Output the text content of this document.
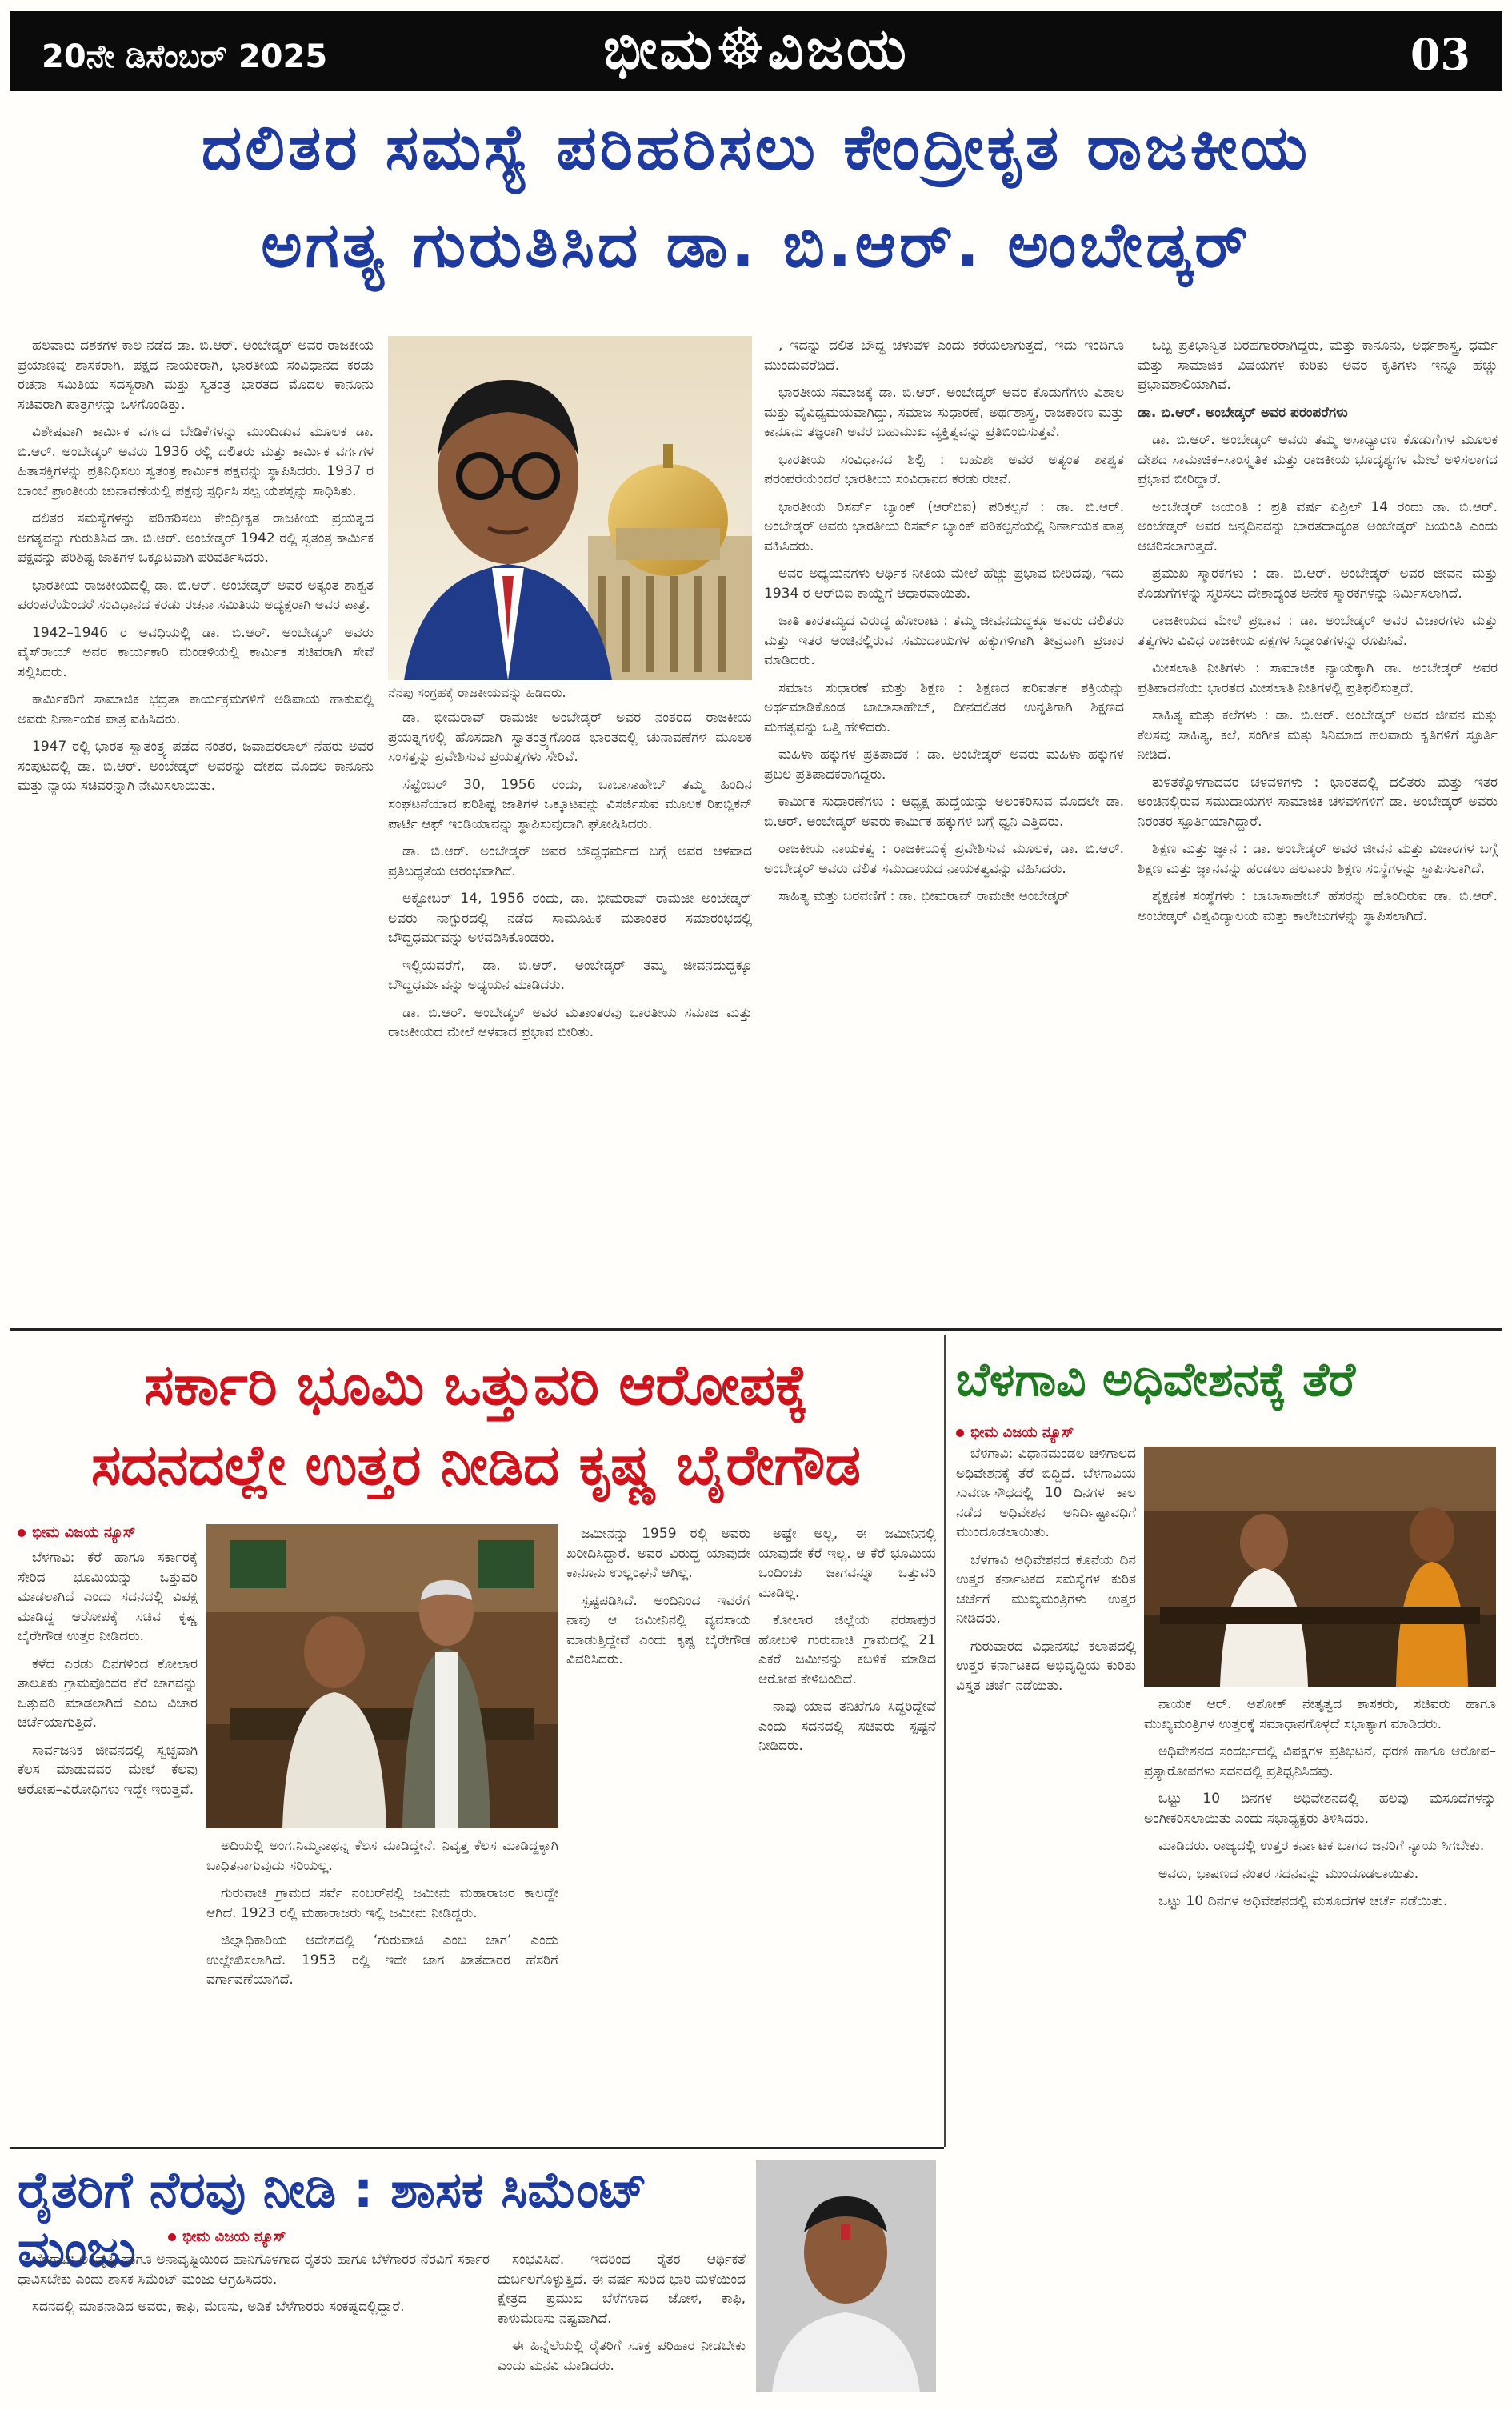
20ನೇ ಡಿಸೆಂಬರ್ 2025	ಭೀಮ☸ವಿಜಯ	03
ದಲಿತರ ಸಮಸ್ಯೆ ಪರಿಹರಿಸಲು ಕೇಂದ್ರೀಕೃತ ರಾಜಕೀಯ
ಅಗತ್ಯ ಗುರುತಿಸಿದ ಡಾ. ಬಿ.ಆರ್. ಅಂಬೇಡ್ಕರ್

ಹಲವಾರು ದಶಕಗಳ ಕಾಲ ನಡೆದ ಡಾ. ಬಿ.ಆರ್. ಅಂಬೇಡ್ಕರ್ ಅವರ ರಾಜಕೀಯ ಪ್ರಯಾಣವು ಶಾಸಕರಾಗಿ, ಪಕ್ಷದ ನಾಯಕರಾಗಿ, ಭಾರತೀಯ ಸಂವಿಧಾನದ ಕರಡು ರಚನಾ ಸಮಿತಿಯ ಸದಸ್ಯರಾಗಿ ಮತ್ತು ಸ್ವತಂತ್ರ ಭಾರತದ ಮೊದಲ ಕಾನೂನು ಸಚಿವರಾಗಿ ಪಾತ್ರಗಳನ್ನು ಒಳಗೊಂಡಿತ್ತು.

ವಿಶೇಷವಾಗಿ ಕಾರ್ಮಿಕ ವರ್ಗದ ಬೇಡಿಕೆಗಳನ್ನು ಮುಂದಿಡುವ ಮೂಲಕ ಡಾ. ಬಿ.ಆರ್. ಅಂಬೇಡ್ಕರ್ ಅವರು 1936 ರಲ್ಲಿ ದಲಿತರು ಮತ್ತು ಕಾರ್ಮಿಕ ವರ್ಗಗಳ ಹಿತಾಸಕ್ತಿಗಳನ್ನು ಪ್ರತಿನಿಧಿಸಲು ಸ್ವತಂತ್ರ ಕಾರ್ಮಿಕ ಪಕ್ಷವನ್ನು ಸ್ಥಾಪಿಸಿದರು. 1937 ರ ಬಾಂಬೆ ಪ್ರಾಂತೀಯ ಚುನಾವಣೆಯಲ್ಲಿ ಪಕ್ಷವು ಸ್ಪರ್ಧಿಸಿ ಸಲ್ಪ ಯಶಸ್ಸನ್ನು ಸಾಧಿಸಿತು.

ದಲಿತರ ಸಮಸ್ಯೆಗಳನ್ನು ಪರಿಹರಿಸಲು ಕೇಂದ್ರೀಕೃತ ರಾಜಕೀಯ ಪ್ರಯತ್ನದ ಅಗತ್ಯವನ್ನು ಗುರುತಿಸಿದ ಡಾ. ಬಿ.ಆರ್. ಅಂಬೇಡ್ಕರ್ 1942 ರಲ್ಲಿ ಸ್ವತಂತ್ರ ಕಾರ್ಮಿಕ ಪಕ್ಷವನ್ನು ಪರಿಶಿಷ್ಟ ಜಾತಿಗಳ ಒಕ್ಕೂಟವಾಗಿ ಪರಿವರ್ತಿಸಿದರು.

ಭಾರತೀಯ ರಾಜಕೀಯದಲ್ಲಿ ಡಾ. ಬಿ.ಆರ್. ಅಂಬೇಡ್ಕರ್ ಅವರ ಅತ್ಯಂತ ಶಾಶ್ವತ ಪರಂಪರೆಯೆಂದರೆ ಸಂವಿಧಾನದ ಕರಡು ರಚನಾ ಸಮಿತಿಯ ಅಧ್ಯಕ್ಷರಾಗಿ ಅವರ ಪಾತ್ರ.

1942–1946 ರ ಅವಧಿಯಲ್ಲಿ ಡಾ. ಬಿ.ಆರ್. ಅಂಬೇಡ್ಕರ್ ಅವರು ವೈಸ್‌ರಾಯ್ ಅವರ ಕಾರ್ಯಕಾರಿ ಮಂಡಳಿಯಲ್ಲಿ ಕಾರ್ಮಿಕ ಸಚಿವರಾಗಿ ಸೇವೆ ಸಲ್ಲಿಸಿದರು.

ಕಾರ್ಮಿಕರಿಗೆ ಸಾಮಾಜಿಕ ಭದ್ರತಾ ಕಾರ್ಯಕ್ರಮಗಳಿಗೆ ಅಡಿಪಾಯ ಹಾಕುವಲ್ಲಿ ಅವರು ನಿರ್ಣಾಯಕ ಪಾತ್ರ ವಹಿಸಿದರು.

1947 ರಲ್ಲಿ ಭಾರತ ಸ್ವಾತಂತ್ರ್ಯ ಪಡೆದ ನಂತರ, ಜವಾಹರಲಾಲ್ ನೆಹರು ಅವರ ಸಂಪುಟದಲ್ಲಿ ಡಾ. ಬಿ.ಆರ್. ಅಂಬೇಡ್ಕರ್ ಅವರನ್ನು ದೇಶದ ಮೊದಲ ಕಾನೂನು ಮತ್ತು ನ್ಯಾಯ ಸಚಿವರನ್ನಾಗಿ ನೇಮಿಸಲಾಯಿತು.

ನೆನಪು ಸಂಗ್ರಹಕ್ಕೆ ರಾಜಕೀಯವನ್ನು ಹಿಡಿದರು.

ಡಾ. ಭೀಮರಾವ್ ರಾಮಜೀ ಅಂಬೇಡ್ಕರ್ ಅವರ ನಂತರದ ರಾಜಕೀಯ ಪ್ರಯತ್ನಗಳಲ್ಲಿ ಹೊಸದಾಗಿ ಸ್ವಾತಂತ್ರ್ಯಗೊಂಡ ಭಾರತದಲ್ಲಿ ಚುನಾವಣೆಗಳ ಮೂಲಕ ಸಂಸತ್ತನ್ನು ಪ್ರವೇಶಿಸುವ ಪ್ರಯತ್ನಗಳು ಸೇರಿವೆ.

ಸೆಪ್ಟೆಂಬರ್ 30, 1956 ರಂದು, ಬಾಬಾಸಾಹೇಬ್ ತಮ್ಮ ಹಿಂದಿನ ಸಂಘಟನೆಯಾದ ಪರಿಶಿಷ್ಟ ಜಾತಿಗಳ ಒಕ್ಕೂಟವನ್ನು ವಿಸರ್ಜಿಸುವ ಮೂಲಕ ರಿಪಬ್ಲಿಕನ್ ಪಾರ್ಟಿ ಆಫ್ ಇಂಡಿಯಾವನ್ನು ಸ್ಥಾಪಿಸುವುದಾಗಿ ಘೋಷಿಸಿದರು.

ಡಾ. ಬಿ.ಆರ್. ಅಂಬೇಡ್ಕರ್ ಅವರ ಬೌದ್ಧಧರ್ಮದ ಬಗ್ಗೆ ಅವರ ಆಳವಾದ ಪ್ರತಿಬದ್ಧತೆಯ ಆರಂಭವಾಗಿದೆ.

ಅಕ್ಟೋಬರ್ 14, 1956 ರಂದು, ಡಾ. ಭೀಮರಾವ್ ರಾಮಜೀ ಅಂಬೇಡ್ಕರ್ ಅವರು ನಾಗ್ಪುರದಲ್ಲಿ ನಡೆದ ಸಾಮೂಹಿಕ ಮತಾಂತರ ಸಮಾರಂಭದಲ್ಲಿ ಬೌದ್ಧಧರ್ಮವನ್ನು ಅಳವಡಿಸಿಕೊಂಡರು.

ಇಲ್ಲಿಯವರೆಗೆ, ಡಾ. ಬಿ.ಆರ್. ಅಂಬೇಡ್ಕರ್ ತಮ್ಮ ಜೀವನದುದ್ದಕ್ಕೂ ಬೌದ್ಧಧರ್ಮವನ್ನು ಅಧ್ಯಯನ ಮಾಡಿದರು.

ಡಾ. ಬಿ.ಆರ್. ಅಂಬೇಡ್ಕರ್ ಅವರ ಮತಾಂತರವು ಭಾರತೀಯ ಸಮಾಜ ಮತ್ತು ರಾಜಕೀಯದ ಮೇಲೆ ಆಳವಾದ ಪ್ರಭಾವ ಬೀರಿತು.

, ಇದನ್ನು ದಲಿತ ಬೌದ್ಧ ಚಳುವಳಿ ಎಂದು ಕರೆಯಲಾಗುತ್ತದೆ, ಇದು ಇಂದಿಗೂ ಮುಂದುವರೆದಿದೆ.

ಭಾರತೀಯ ಸಮಾಜಕ್ಕೆ ಡಾ. ಬಿ.ಆರ್. ಅಂಬೇಡ್ಕರ್ ಅವರ ಕೊಡುಗೆಗಳು ವಿಶಾಲ ಮತ್ತು ವೈವಿಧ್ಯಮಯವಾಗಿದ್ದು, ಸಮಾಜ ಸುಧಾರಣೆ, ಅರ್ಥಶಾಸ್ತ್ರ, ರಾಜಕಾರಣ ಮತ್ತು ಕಾನೂನು ತಜ್ಞರಾಗಿ ಅವರ ಬಹುಮುಖ ವ್ಯಕ್ತಿತ್ವವನ್ನು ಪ್ರತಿಬಿಂಬಿಸುತ್ತವೆ.

ಭಾರತೀಯ ಸಂವಿಧಾನದ ಶಿಲ್ಪಿ : ಬಹುಶಃ ಅವರ ಅತ್ಯಂತ ಶಾಶ್ವತ ಪರಂಪರೆಯೆಂದರೆ ಭಾರತೀಯ ಸಂವಿಧಾನದ ಕರಡು ರಚನೆ.

ಭಾರತೀಯ ರಿಸರ್ವ್ ಬ್ಯಾಂಕ್ (ಆರ್‌ಬಿಐ) ಪರಿಕಲ್ಪನೆ : ಡಾ. ಬಿ.ಆರ್. ಅಂಬೇಡ್ಕರ್ ಅವರು ಭಾರತೀಯ ರಿಸರ್ವ್ ಬ್ಯಾಂಕ್ ಪರಿಕಲ್ಪನೆಯಲ್ಲಿ ನಿರ್ಣಾಯಕ ಪಾತ್ರ ವಹಿಸಿದರು.

ಅವರ ಅಧ್ಯಯನಗಳು ಆರ್ಥಿಕ ನೀತಿಯ ಮೇಲೆ ಹೆಚ್ಚು ಪ್ರಭಾವ ಬೀರಿದವು, ಇದು 1934 ರ ಆರ್‌ಬಿಐ ಕಾಯ್ದೆಗೆ ಆಧಾರವಾಯಿತು.

ಜಾತಿ ತಾರತಮ್ಯದ ವಿರುದ್ಧ ಹೋರಾಟ : ತಮ್ಮ ಜೀವನದುದ್ದಕ್ಕೂ ಅವರು ದಲಿತರು ಮತ್ತು ಇತರ ಅಂಚಿನಲ್ಲಿರುವ ಸಮುದಾಯಗಳ ಹಕ್ಕುಗಳಿಗಾಗಿ ತೀವ್ರವಾಗಿ ಪ್ರಚಾರ ಮಾಡಿದರು.

ಸಮಾಜ ಸುಧಾರಣೆ ಮತ್ತು ಶಿಕ್ಷಣ : ಶಿಕ್ಷಣದ ಪರಿವರ್ತಕ ಶಕ್ತಿಯನ್ನು ಅರ್ಥಮಾಡಿಕೊಂಡ ಬಾಬಾಸಾಹೇಬ್, ದೀನದಲಿತರ ಉನ್ನತಿಗಾಗಿ ಶಿಕ್ಷಣದ ಮಹತ್ವವನ್ನು ಒತ್ತಿ ಹೇಳಿದರು.

ಮಹಿಳಾ ಹಕ್ಕುಗಳ ಪ್ರತಿಪಾದಕ : ಡಾ. ಅಂಬೇಡ್ಕರ್ ಅವರು ಮಹಿಳಾ ಹಕ್ಕುಗಳ ಪ್ರಬಲ ಪ್ರತಿಪಾದಕರಾಗಿದ್ದರು.

ಕಾರ್ಮಿಕ ಸುಧಾರಣೆಗಳು : ಆಧ್ಯಕ್ಷ ಹುದ್ದೆಯನ್ನು ಅಲಂಕರಿಸುವ ಮೊದಲೇ ಡಾ. ಬಿ.ಆರ್. ಅಂಬೇಡ್ಕರ್ ಅವರು ಕಾರ್ಮಿಕ ಹಕ್ಕುಗಳ ಬಗ್ಗೆ ಧ್ವನಿ ಎತ್ತಿದರು.

ರಾಜಕೀಯ ನಾಯಕತ್ವ : ರಾಜಕೀಯಕ್ಕೆ ಪ್ರವೇಶಿಸುವ ಮೂಲಕ, ಡಾ. ಬಿ.ಆರ್. ಅಂಬೇಡ್ಕರ್ ಅವರು ದಲಿತ ಸಮುದಾಯದ ನಾಯಕತ್ವವನ್ನು ವಹಿಸಿದರು.

ಸಾಹಿತ್ಯ ಮತ್ತು ಬರವಣಿಗೆ : ಡಾ. ಭೀಮರಾವ್ ರಾಮಜೀ ಅಂಬೇಡ್ಕರ್

ಒಬ್ಬ ಪ್ರತಿಭಾನ್ವಿತ ಬರಹಗಾರರಾಗಿದ್ದರು, ಮತ್ತು ಕಾನೂನು, ಅರ್ಥಶಾಸ್ತ್ರ, ಧರ್ಮ ಮತ್ತು ಸಾಮಾಜಿಕ ವಿಷಯಗಳ ಕುರಿತು ಅವರ ಕೃತಿಗಳು ಇನ್ನೂ ಹೆಚ್ಚು ಪ್ರಭಾವಶಾಲಿಯಾಗಿವೆ.

ಡಾ. ಬಿ.ಆರ್. ಅಂಬೇಡ್ಕರ್ ಅವರ ಪರಂಪರೆಗಳು

ಡಾ. ಬಿ.ಆರ್. ಅಂಬೇಡ್ಕರ್ ಅವರು ತಮ್ಮ ಅಸಾಧ್ಯಾರಣ ಕೊಡುಗೆಗಳ ಮೂಲಕ ದೇಶದ ಸಾಮಾಜಿಕ–ಸಾಂಸ್ಕೃತಿಕ ಮತ್ತು ರಾಜಕೀಯ ಭೂದೃಶ್ಯಗಳ ಮೇಲೆ ಅಳಿಸಲಾಗದ ಪ್ರಭಾವ ಬೀರಿದ್ದಾರೆ.

ಅಂಬೇಡ್ಕರ್ ಜಯಂತಿ : ಪ್ರತಿ ವರ್ಷ ಏಪ್ರಿಲ್ 14 ರಂದು ಡಾ. ಬಿ.ಆರ್. ಅಂಬೇಡ್ಕರ್ ಅವರ ಜನ್ಮದಿನವನ್ನು ಭಾರತದಾದ್ಯಂತ ಅಂಬೇಡ್ಕರ್ ಜಯಂತಿ ಎಂದು ಆಚರಿಸಲಾಗುತ್ತದೆ.

ಪ್ರಮುಖ ಸ್ಮಾರಕಗಳು : ಡಾ. ಬಿ.ಆರ್. ಅಂಬೇಡ್ಕರ್ ಅವರ ಜೀವನ ಮತ್ತು ಕೊಡುಗೆಗಳನ್ನು ಸ್ಮರಿಸಲು ದೇಶಾದ್ಯಂತ ಅನೇಕ ಸ್ಮಾರಕಗಳನ್ನು ನಿರ್ಮಿಸಲಾಗಿದೆ.

ರಾಜಕೀಯದ ಮೇಲೆ ಪ್ರಭಾವ : ಡಾ. ಅಂಬೇಡ್ಕರ್ ಅವರ ವಿಚಾರಗಳು ಮತ್ತು ತತ್ವಗಳು ವಿವಿಧ ರಾಜಕೀಯ ಪಕ್ಷಗಳ ಸಿದ್ಧಾಂತಗಳನ್ನು ರೂಪಿಸಿವೆ.

ಮೀಸಲಾತಿ ನೀತಿಗಳು : ಸಾಮಾಜಿಕ ನ್ಯಾಯಕ್ಕಾಗಿ ಡಾ. ಅಂಬೇಡ್ಕರ್ ಅವರ ಪ್ರತಿಪಾದನೆಯು ಭಾರತದ ಮೀಸಲಾತಿ ನೀತಿಗಳಲ್ಲಿ ಪ್ರತಿಫಲಿಸುತ್ತದೆ.

ಸಾಹಿತ್ಯ ಮತ್ತು ಕಲೆಗಳು : ಡಾ. ಬಿ.ಆರ್. ಅಂಬೇಡ್ಕರ್ ಅವರ ಜೀವನ ಮತ್ತು ಕೆಲಸವು ಸಾಹಿತ್ಯ, ಕಲೆ, ಸಂಗೀತ ಮತ್ತು ಸಿನಿಮಾದ ಹಲವಾರು ಕೃತಿಗಳಿಗೆ ಸ್ಫೂರ್ತಿ ನೀಡಿದೆ.

ತುಳಿತಕ್ಕೊಳಗಾದವರ ಚಳವಳಿಗಳು : ಭಾರತದಲ್ಲಿ ದಲಿತರು ಮತ್ತು ಇತರ ಅಂಚಿನಲ್ಲಿರುವ ಸಮುದಾಯಗಳ ಸಾಮಾಜಿಕ ಚಳವಳಿಗಳಿಗೆ ಡಾ. ಅಂಬೇಡ್ಕರ್ ಅವರು ನಿರಂತರ ಸ್ಫೂರ್ತಿಯಾಗಿದ್ದಾರೆ.

ಶಿಕ್ಷಣ ಮತ್ತು ಜ್ಞಾನ : ಡಾ. ಅಂಬೇಡ್ಕರ್ ಅವರ ಜೀವನ ಮತ್ತು ವಿಚಾರಗಳ ಬಗ್ಗೆ ಶಿಕ್ಷಣ ಮತ್ತು ಜ್ಞಾನವನ್ನು ಹರಡಲು ಹಲವಾರು ಶಿಕ್ಷಣ ಸಂಸ್ಥೆಗಳನ್ನು ಸ್ಥಾಪಿಸಲಾಗಿದೆ.

ಶೈಕ್ಷಣಿಕ ಸಂಸ್ಥೆಗಳು : ಬಾಬಾಸಾಹೇಬ್ ಹೆಸರನ್ನು ಹೊಂದಿರುವ ಡಾ. ಬಿ.ಆರ್. ಅಂಬೇಡ್ಕರ್ ವಿಶ್ವವಿದ್ಯಾಲಯ ಮತ್ತು ಕಾಲೇಜುಗಳನ್ನು ಸ್ಥಾಪಿಸಲಾಗಿದೆ.

ಸರ್ಕಾರಿ ಭೂಮಿ ಒತ್ತುವರಿ ಆರೋಪಕ್ಕೆ
ಸದನದಲ್ಲೇ ಉತ್ತರ ನೀಡಿದ ಕೃಷ್ಣ ಬೈರೇಗೌಡ
ಭೀಮ ವಿಜಯ ನ್ಯೂಸ್

ಬೆಳಗಾವಿ: ಕೆರೆ ಹಾಗೂ ಸರ್ಕಾರಕ್ಕೆ ಸೇರಿದ ಭೂಮಿಯನ್ನು ಒತ್ತುವರಿ ಮಾಡಲಾಗಿದೆ ಎಂದು ಸದನದಲ್ಲಿ ವಿಪಕ್ಷ ಮಾಡಿದ್ದ ಆರೋಪಕ್ಕೆ ಸಚಿವ ಕೃಷ್ಣ ಬೈರೇಗೌಡ ಉತ್ತರ ನೀಡಿದರು.

ಕಳೆದ ಎರಡು ದಿನಗಳಿಂದ ಕೋಲಾರ ತಾಲೂಕು ಗ್ರಾಮವೊಂದರ ಕೆರೆ ಜಾಗವನ್ನು ಒತ್ತುವರಿ ಮಾಡಲಾಗಿದೆ ಎಂಬ ವಿಚಾರ ಚರ್ಚೆಯಾಗುತ್ತಿದೆ.

ಸಾರ್ವಜನಿಕ ಜೀವನದಲ್ಲಿ ಸ್ವಚ್ಛವಾಗಿ ಕೆಲಸ ಮಾಡುವವರ ಮೇಲೆ ಕೆಲವು ಆರೋಪ–ವಿರೋಧಿಗಳು ಇದ್ದೇ ಇರುತ್ತವೆ.

ಅದಿಯಲ್ಲಿ ಅಂಗ.ನಿಮ್ಮನಾಥನ್ನ ಕೆಲಸ ಮಾಡಿದ್ದೇನೆ. ನಿವೃತ್ತ ಕೆಲಸ ಮಾಡಿದ್ದಕ್ಕಾಗಿ ಬಾಧಿತನಾಗುವುದು ಸರಿಯಲ್ಲ.

ಗುರುವಾಚಿ ಗ್ರಾಮದ ಸರ್ವೆ ನಂಬರ್‌ನಲ್ಲಿ ಜಮೀನು ಮಹಾರಾಜರ ಕಾಲದ್ದೇ ಆಗಿದೆ. 1923 ರಲ್ಲಿ ಮಹಾರಾಜರು ಇಲ್ಲಿ ಜಮೀನು ನೀಡಿದ್ದರು.

ಜಿಲ್ಲಾಧಿಕಾರಿಯ ಆದೇಶದಲ್ಲಿ ‘ಗುರುವಾಚಿ ಎಂಬ ಜಾಗ’ ಎಂದು ಉಲ್ಲೇಖಿಸಲಾಗಿದೆ. 1953 ರಲ್ಲಿ ಇದೇ ಜಾಗ ಖಾತೆದಾರರ ಹೆಸರಿಗೆ ವರ್ಗಾವಣೆಯಾಗಿದೆ.

ಜಮೀನನ್ನು 1959 ರಲ್ಲಿ ಅವರು ಖರೀದಿಸಿದ್ದಾರೆ. ಅವರ ವಿರುದ್ಧ ಯಾವುದೇ ಕಾನೂನು ಉಲ್ಲಂಘನೆ ಆಗಿಲ್ಲ.

ಸ್ಪಷ್ಟಪಡಿಸಿದೆ. ಅಂದಿನಿಂದ ಇವರೆಗೆ ನಾವು ಆ ಜಮೀನಿನಲ್ಲಿ ವ್ಯವಸಾಯ ಮಾಡುತ್ತಿದ್ದೇವೆ ಎಂದು ಕೃಷ್ಣ ಬೈರೇಗೌಡ ವಿವರಿಸಿದರು.

ಅಷ್ಟೇ ಅಲ್ಲ, ಈ ಜಮೀನಿನಲ್ಲಿ ಯಾವುದೇ ಕೆರೆ ಇಲ್ಲ. ಆ ಕೆರೆ ಭೂಮಿಯ ಒಂದಿಂಚು ಜಾಗವನ್ನೂ ಒತ್ತುವರಿ ಮಾಡಿಲ್ಲ.

ಕೋಲಾರ ಜಿಲ್ಲೆಯ ನರಸಾಪುರ ಹೋಬಳಿ ಗುರುವಾಚಿ ಗ್ರಾಮದಲ್ಲಿ 21 ಎಕರೆ ಜಮೀನನ್ನು ಕಬಳಿಕೆ ಮಾಡಿದ ಆರೋಪ ಕೇಳಿಬಂದಿದೆ.

ನಾವು ಯಾವ ತನಿಖೆಗೂ ಸಿದ್ಧರಿದ್ದೇವೆ ಎಂದು ಸದನದಲ್ಲಿ ಸಚಿವರು ಸ್ಪಷ್ಟನೆ ನೀಡಿದರು.

ಬೆಳಗಾವಿ ಅಧಿವೇಶನಕ್ಕೆ ತೆರೆ
ಭೀಮ ವಿಜಯ ನ್ಯೂಸ್

ಬೆಳಗಾವಿ: ವಿಧಾನಮಂಡಲ ಚಳಿಗಾಲದ ಅಧಿವೇಶನಕ್ಕೆ ತೆರೆ ಬಿದ್ದಿದೆ. ಬೆಳಗಾವಿಯ ಸುವರ್ಣಸೌಧದಲ್ಲಿ 10 ದಿನಗಳ ಕಾಲ ನಡೆದ ಅಧಿವೇಶನ ಅನಿರ್ದಿಷ್ಟಾವಧಿಗೆ ಮುಂದೂಡಲಾಯಿತು.

ಬೆಳಗಾವಿ ಅಧಿವೇಶನದ ಕೊನೆಯ ದಿನ ಉತ್ತರ ಕರ್ನಾಟಕದ ಸಮಸ್ಯೆಗಳ ಕುರಿತ ಚರ್ಚೆಗೆ ಮುಖ್ಯಮಂತ್ರಿಗಳು ಉತ್ತರ ನೀಡಿದರು.

ಗುರುವಾರದ ವಿಧಾನಸಭೆ ಕಲಾಪದಲ್ಲಿ ಉತ್ತರ ಕರ್ನಾಟಕದ ಅಭಿವೃದ್ಧಿಯ ಕುರಿತು ವಿಸ್ತೃತ ಚರ್ಚೆ ನಡೆಯಿತು.

ನಾಯಕ ಆರ್. ಅಶೋಕ್ ನೇತೃತ್ವದ ಶಾಸಕರು, ಸಚಿವರು ಹಾಗೂ ಮುಖ್ಯಮಂತ್ರಿಗಳ ಉತ್ತರಕ್ಕೆ ಸಮಾಧಾನಗೊಳ್ಳದೆ ಸಭಾತ್ಯಾಗ ಮಾಡಿದರು.

ಅಧಿವೇಶನದ ಸಂದರ್ಭದಲ್ಲಿ ವಿಪಕ್ಷಗಳ ಪ್ರತಿಭಟನೆ, ಧರಣಿ ಹಾಗೂ ಆರೋಪ–ಪ್ರತ್ಯಾರೋಪಗಳು ಸದನದಲ್ಲಿ ಪ್ರತಿಧ್ವನಿಸಿದವು.

ಒಟ್ಟು 10 ದಿನಗಳ ಅಧಿವೇಶನದಲ್ಲಿ ಹಲವು ಮಸೂದೆಗಳನ್ನು ಅಂಗೀಕರಿಸಲಾಯಿತು ಎಂದು ಸಭಾಧ್ಯಕ್ಷರು ತಿಳಿಸಿದರು.

ಮಾಡಿದರು. ರಾಜ್ಯದಲ್ಲಿ ಉತ್ತರ ಕರ್ನಾಟಕ ಭಾಗದ ಜನರಿಗೆ ನ್ಯಾಯ ಸಿಗಬೇಕು.

ಅವರು, ಭಾಷಣದ ನಂತರ ಸದನವನ್ನು ಮುಂದೂಡಲಾಯಿತು.

ಒಟ್ಟು 10 ದಿನಗಳ ಅಧಿವೇಶನದಲ್ಲಿ ಮಸೂದೆಗಳ ಚರ್ಚೆ ನಡೆಯಿತು.

ರೈತರಿಗೆ ನೆರವು ನೀಡಿ : ಶಾಸಕ ಸಿಮೆಂಟ್ ಮಂಜು	ಭೀಮ ವಿಜಯ ನ್ಯೂಸ್

ಬೆಳಗಾವಿ: ಅತಿವೃಷ್ಟಿ ಹಾಗೂ ಅನಾವೃಷ್ಟಿಯಿಂದ ಹಾನಿಗೊಳಗಾದ ರೈತರು ಹಾಗೂ ಬೆಳೆಗಾರರ ನೆರವಿಗೆ ಸರ್ಕಾರ ಧಾವಿಸಬೇಕು ಎಂದು ಶಾಸಕ ಸಿಮೆಂಟ್ ಮಂಜು ಆಗ್ರಹಿಸಿದರು.

ಸದನದಲ್ಲಿ ಮಾತನಾಡಿದ ಅವರು, ಕಾಫಿ, ಮೆಣಸು, ಅಡಿಕೆ ಬೆಳೆಗಾರರು ಸಂಕಷ್ಟದಲ್ಲಿದ್ದಾರೆ.

ಸಂಭವಿಸಿದೆ. ಇದರಿಂದ ರೈತರ ಆರ್ಥಿಕತೆ ದುರ್ಬಲಗೊಳ್ಳುತ್ತಿದೆ. ಈ ವರ್ಷ ಸುರಿದ ಭಾರಿ ಮಳೆಯಿಂದ ಕ್ಷೇತ್ರದ ಪ್ರಮುಖ ಬೆಳೆಗಳಾದ ಜೋಳ, ಕಾಫಿ, ಕಾಳುಮೆಣಸು ನಷ್ಟವಾಗಿದೆ.

ಈ ಹಿನ್ನೆಲೆಯಲ್ಲಿ ರೈತರಿಗೆ ಸೂಕ್ತ ಪರಿಹಾರ ನೀಡಬೇಕು ಎಂದು ಮನವಿ ಮಾಡಿದರು.
